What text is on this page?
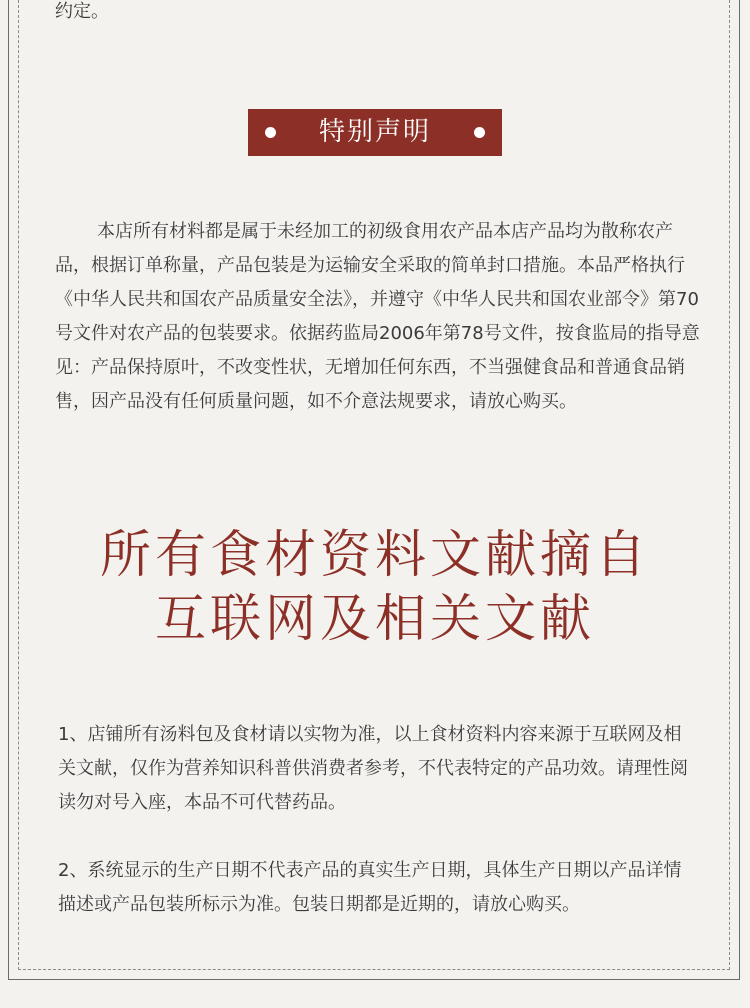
约定。
特别声明

本店所有材料都是属于未经加工的初级食用农产品本店产品均为散称农产品，根据订单称量，产品包装是为运输安全采取的简单封口措施。本品严格执行《中华人民共和国农产品质量安全法》，并遵守《中华人民共和国农业部令》第70号文件对农产品的包装要求。依据药监局2006年第78号文件，按食监局的指导意见：产品保持原叶，不改变性状，无增加任何东西，不当强健食品和普通食品销售，因产品没有任何质量问题，如不介意法规要求，请放心购买。

所有食材资料文献摘自
互联网及相关文献

1、店铺所有汤料包及食材请以实物为准，以上食材资料内容来源于互联网及相关文献，仅作为营养知识科普供消费者参考，不代表特定的产品功效。请理性阅读勿对号入座，本品不可代替药品。

2、系统显示的生产日期不代表产品的真实生产日期，具体生产日期以产品详情描述或产品包装所标示为准。包装日期都是近期的，请放心购买。
